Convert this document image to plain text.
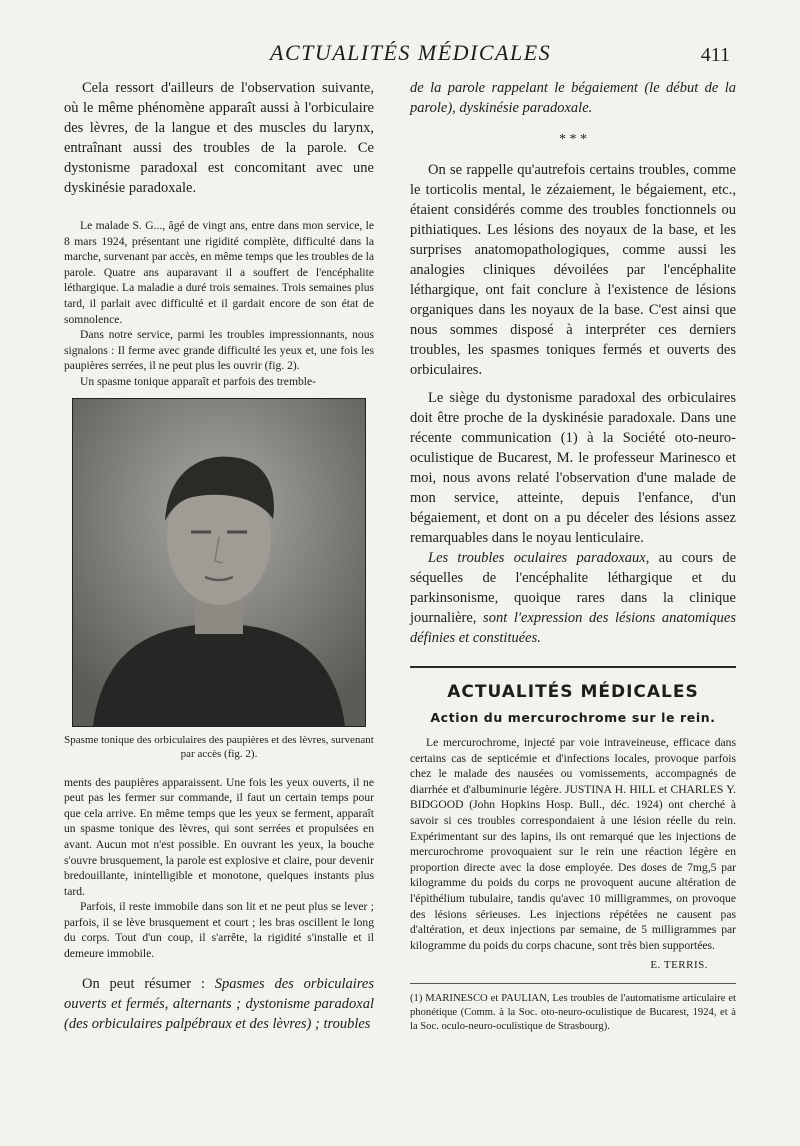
ACTUALITÉS MÉDICALES	411

Cela ressort d'ailleurs de l'observation suivante, où le même phénomène apparaît aussi à l'orbiculaire des lèvres, de la langue et des muscles du larynx, entraînant aussi des troubles de la parole. Ce dystonisme paradoxal est concomitant avec une dyskinésie paradoxale.

Le malade S. G..., âgé de vingt ans, entre dans mon service, le 8 mars 1924, présentant une rigidité complète, difficulté dans la marche, survenant par accès, en même temps que les troubles de la parole. Quatre ans auparavant il a souffert de l'encéphalite léthargique. La maladie a duré trois semaines. Trois semaines plus tard, il parlait avec difficulté et il gardait encore de son état de somnolence.

Dans notre service, parmi les troubles impressionnants, nous signalons : Il ferme avec grande difficulté les yeux et, une fois les paupières serrées, il ne peut plus les ouvrir (fig. 2).

Un spasme tonique apparaît et parfois des tremble-

Spasme tonique des orbiculaires des paupières et des lèvres, survenant par accès (fig. 2).

ments des paupières apparaissent. Une fois les yeux ouverts, il ne peut pas les fermer sur commande, il faut un certain temps pour que cela arrive. En même temps que les yeux se ferment, apparaît un spasme tonique des lèvres, qui sont serrées et propulsées en avant. Aucun mot n'est possible. En ouvrant les yeux, la bouche s'ouvre brusquement, la parole est explosive et claire, pour devenir bredouillante, inintelligible et monotone, quelques instants plus tard.

Parfois, il reste immobile dans son lit et ne peut plus se lever ; parfois, il se lève brusquement et court ; les bras oscillent le long du corps. Tout d'un coup, il s'arrête, la rigidité s'installe et il demeure immobile.

On peut résumer : Spasmes des orbiculaires ouverts et fermés, alternants ; dystonisme paradoxal (des orbiculaires palpébraux et des lèvres) ; troubles

de la parole rappelant le bégaiement (le début de la parole), dyskinésie paradoxale.

* * *

On se rappelle qu'autrefois certains troubles, comme le torticolis mental, le zézaiement, le bégaiement, etc., étaient considérés comme des troubles fonctionnels ou pithiatiques. Les lésions des noyaux de la base, et les surprises anatomopathologiques, comme aussi les analogies cliniques dévoilées par l'encéphalite léthargique, ont fait conclure à l'existence de lésions organiques dans les noyaux de la base. C'est ainsi que nous sommes disposé à interpréter ces derniers troubles, les spasmes toniques fermés et ouverts des orbiculaires.

Le siège du dystonisme paradoxal des orbiculaires doit être proche de la dyskinésie paradoxale. Dans une récente communication (1) à la Société oto-neuro-oculistique de Bucarest, M. le professeur Marinesco et moi, nous avons relaté l'observation d'une malade de mon service, atteinte, depuis l'enfance, d'un bégaiement, et dont on a pu déceler des lésions assez remarquables dans le noyau lenticulaire.

Les troubles oculaires paradoxaux, au cours de séquelles de l'encéphalite léthargique et du parkinsonisme, quoique rares dans la clinique journalière, sont l'expression des lésions anatomiques définies et constituées.

ACTUALITÉS MÉDICALES
Action du mercurochrome sur le rein.

Le mercurochrome, injecté par voie intraveineuse, efficace dans certains cas de septicémie et d'infections locales, provoque parfois chez le malade des nausées ou vomissements, accompagnés de diarrhée et d'albuminurie légère. JUSTINA H. HILL et CHARLES Y. BIDGOOD (John Hopkins Hosp. Bull., déc. 1924) ont cherché à savoir si ces troubles correspondaient à une lésion réelle du rein. Expérimentant sur des lapins, ils ont remarqué que les injections de mercurochrome provoquaient sur le rein une réaction légère en proportion directe avec la dose employée. Des doses de 7mg,5 par kilogramme du poids du corps ne provoquent aucune altération de l'épithélium tubulaire, tandis qu'avec 10 milligrammes, on provoque des lésions sérieuses. Les injections répétées ne causent pas d'altération, et deux injections par semaine, de 5 milligrammes par kilogramme du poids du corps chacune, sont très bien supportées.

E. TERRIS.

(1) MARINESCO et PAULIAN, Les troubles de l'automatisme articulaire et phonétique (Comm. à la Soc. oto-neuro-oculistique de Bucarest, 1924, et à la Soc. oculo-neuro-oculistique de Strasbourg).
